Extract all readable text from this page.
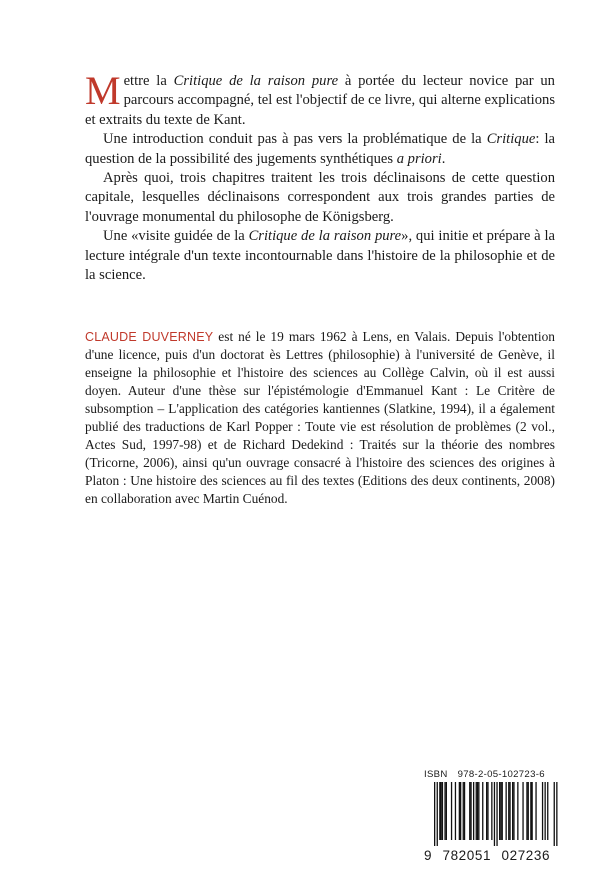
Mettre la Critique de la raison pure à portée du lecteur novice par un parcours accompagné, tel est l'objectif de ce livre, qui alterne explications et extraits du texte de Kant.

Une introduction conduit pas à pas vers la problématique de la Critique: la question de la possibilité des jugements synthétiques a priori.

Après quoi, trois chapitres traitent les trois déclinaisons de cette question capitale, lesquelles déclinaisons correspondent aux trois grandes parties de l'ouvrage monumental du philosophe de Königsberg.

Une «visite guidée de la Critique de la raison pure», qui initie et prépare à la lecture intégrale d'un texte incontournable dans l'histoire de la philosophie et de la science.

CLAUDE DUVERNEY est né le 19 mars 1962 à Lens, en Valais. Depuis l'obtention d'une licence, puis d'un doctorat ès Lettres (philosophie) à l'université de Genève, il enseigne la philosophie et l'histoire des sciences au Collège Calvin, où il est aussi doyen. Auteur d'une thèse sur l'épistémologie d'Emmanuel Kant : Le Critère de subsomption – L'application des catégories kantiennes (Slatkine, 1994), il a également publié des traductions de Karl Popper : Toute vie est résolution de problèmes (2 vol., Actes Sud, 1997-98) et de Richard Dedekind : Traités sur la théorie des nombres (Tricorne, 2006), ainsi qu'un ouvrage consacré à l'histoire des sciences des origines à Platon : Une histoire des sciences au fil des textes (Editions des deux continents, 2008) en collaboration avec Martin Cuénod.

ISBN 978-2-05-102723-6
9 782051 027236
